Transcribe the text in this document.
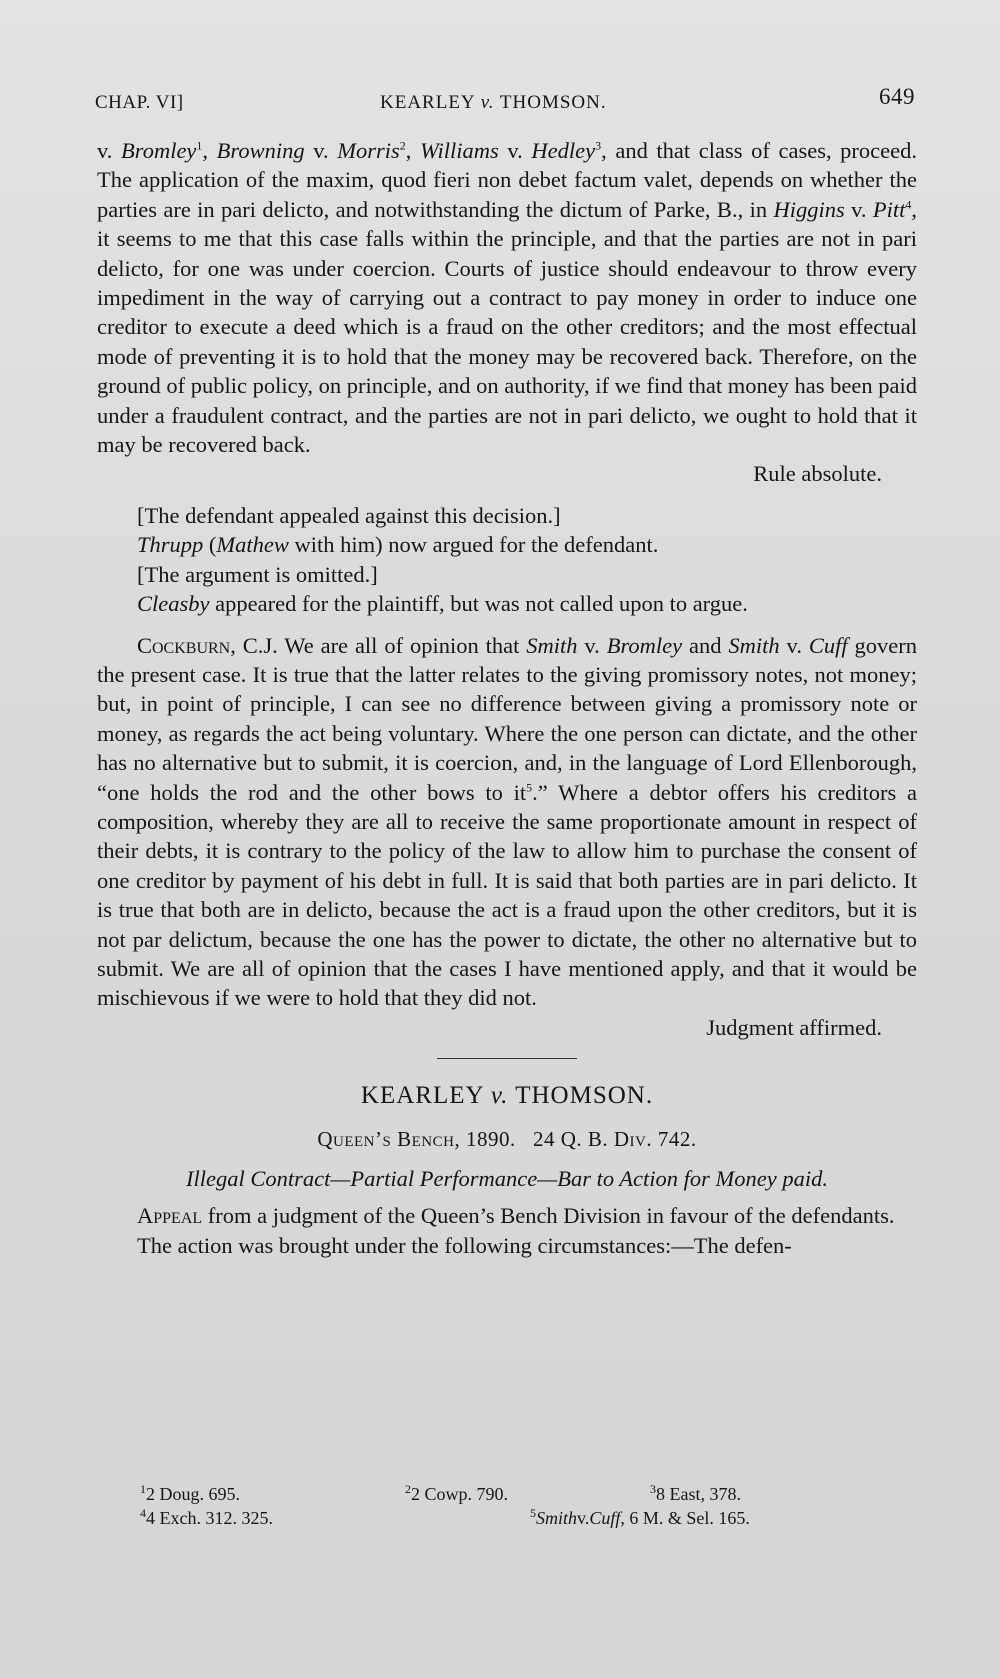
CHAP. VI]	KEARLEY v. THOMSON.	649

v. Bromley$^1$, Browning v. Morris$^2$, Williams v. Hedley$^3$, and that class of cases, proceed. The application of the maxim, quod fieri non debet factum valet, depends on whether the parties are in pari delicto, and notwithstanding the dictum of Parke, B., in Higgins v. Pitt$^4$, it seems to me that this case falls within the principle, and that the parties are not in pari delicto, for one was under coercion. Courts of justice should endeavour to throw every impediment in the way of carrying out a contract to pay money in order to induce one creditor to execute a deed which is a fraud on the other creditors; and the most effectual mode of preventing it is to hold that the money may be recovered back. Therefore, on the ground of public policy, on principle, and on authority, if we find that money has been paid under a fraudulent contract, and the parties are not in pari delicto, we ought to hold that it may be recovered back.

Rule absolute.

[The defendant appealed against this decision.]

Thrupp (Mathew with him) now argued for the defendant.

[The argument is omitted.]

Cleasby appeared for the plaintiff, but was not called upon to argue.

Cockburn, C.J. We are all of opinion that Smith v. Bromley and Smith v. Cuff govern the present case. It is true that the latter relates to the giving promissory notes, not money; but, in point of principle, I can see no difference between giving a promissory note or money, as regards the act being voluntary. Where the one person can dictate, and the other has no alternative but to submit, it is coercion, and, in the language of Lord Ellenborough, “one holds the rod and the other bows to $it^5$.” Where a debtor offers his creditors a composition, whereby they are all to receive the same proportionate amount in respect of their debts, it is contrary to the policy of the law to allow him to purchase the consent of one creditor by payment of his debt in full. It is said that both parties are in pari delicto. It is true that both are in delicto, because the act is a fraud upon the other creditors, but it is not par delictum, because the one has the power to dictate, the other no alternative but to submit. We are all of opinion that the cases I have mentioned apply, and that it would be mischievous if we were to hold that they did not.

Judgment affirmed.

KEARLEY v. THOMSON.

Queen’s Bench, 1890. 24 Q. B. Div. 742.

Illegal Contract—Partial Performance—Bar to Action for Money paid.

Appeal from a judgment of the Queen’s Bench Division in favour of the defendants.

The action was brought under the following circumstances:—The defen-

$^1$2 Doug. 695.	$^2$2 Cowp. 790.	$^3$8 East, 378.
$^4$4 Exch. 312. 325.	$^5$Smithv.Cuff, 6 M. & Sel. 165.
